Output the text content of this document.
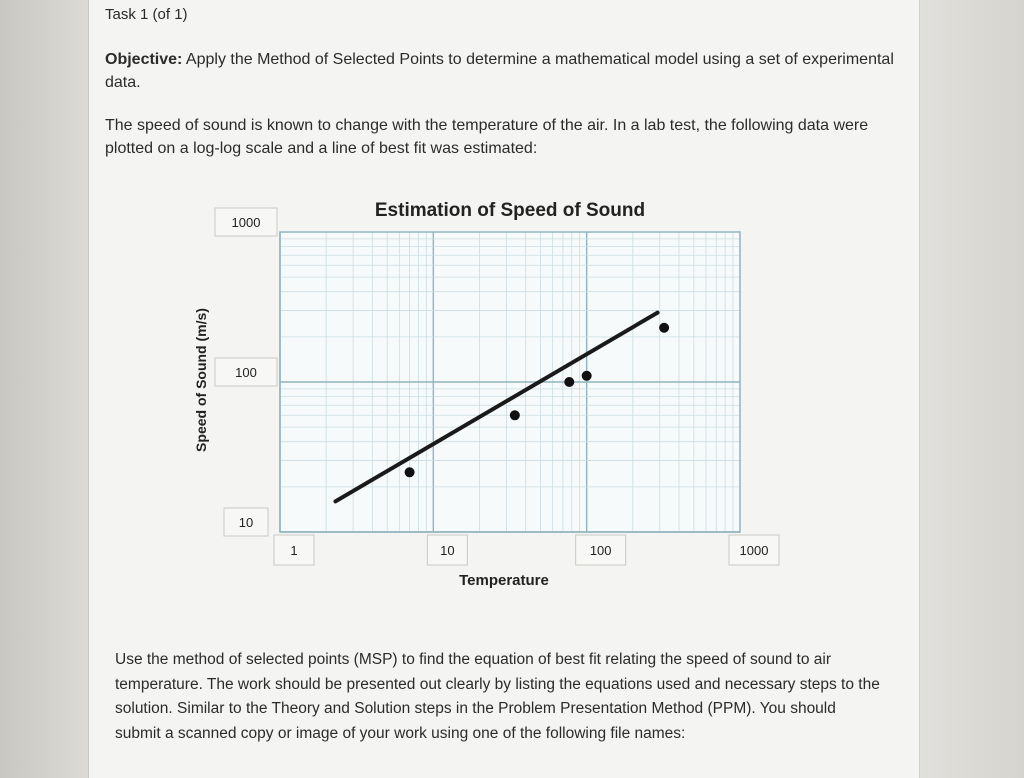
Task 1 (of 1)
Objective: Apply the Method of Selected Points to determine a mathematical model using a set of experimental data.
The speed of sound is known to change with the temperature of the air. In a lab test, the following data were plotted on a log-log scale and a line of best fit was estimated:
Use the method of selected points (MSP) to find the equation of best fit relating the speed of sound to air temperature. The work should be presented out clearly by listing the equations used and necessary steps to the solution. Similar to the Theory and Solution steps in the Problem Presentation Method (PPM). You should submit a scanned copy or image of your work using one of the following file names:
1	10	100	1000
10
100
1000
Estimation of Speed of Sound
Temperature
Speed of Sound (m/s)
